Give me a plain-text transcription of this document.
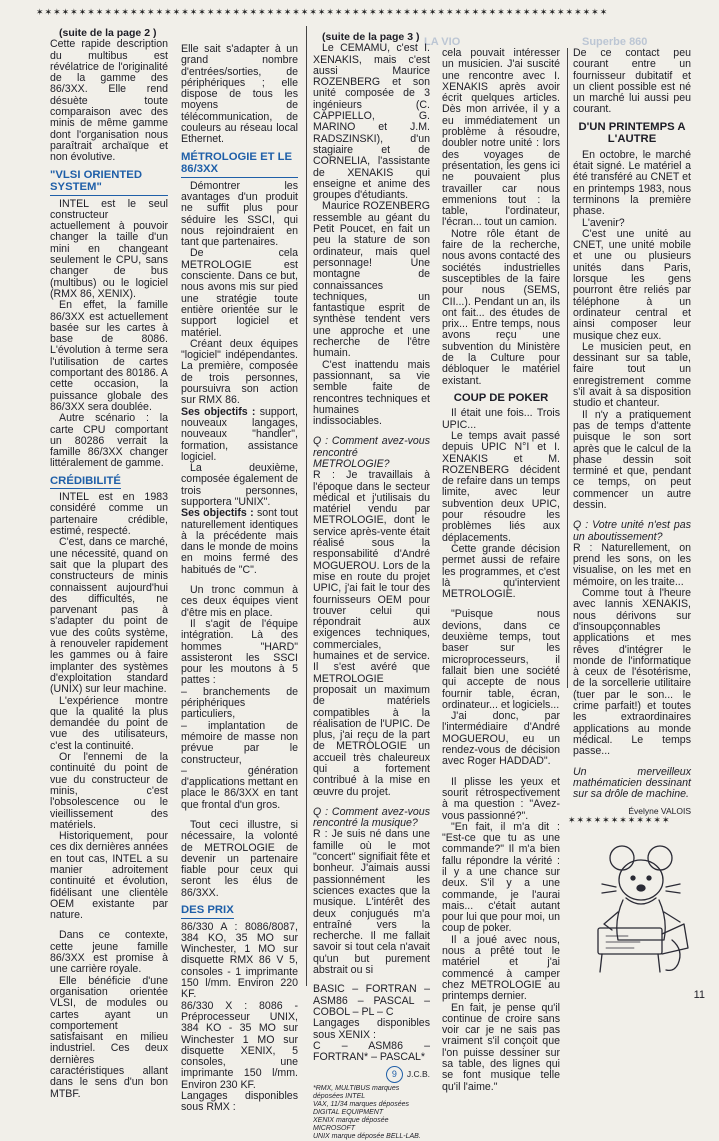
✶✶✶✶✶✶✶✶✶✶✶✶✶✶✶✶✶✶✶✶✶✶✶✶✶✶✶✶✶✶✶✶✶✶✶✶✶✶✶✶✶✶✶✶✶✶✶✶✶✶✶✶✶✶✶✶✶✶✶✶✶✶✶✶✶✶✶
✶✶✶✶✶✶✶✶✶✶✶✶
Superbe 860
LA VIO

(suite de la page 2 )

Cette rapide description du multibus est révélatrice de l'originalité de la gamme des 86/3XX. Elle rend désuète toute comparaison avec des minis de même gamme dont l'organisation nous paraîtrait archaïque et non évolutive.

"VLSI ORIENTED SYSTEM"

INTEL est le seul constructeur actuellement à pouvoir changer la taille d'un mini en changeant seulement le CPU, sans changer de bus (multibus) ou le logiciel (RMX 86, XENIX).

En effet, la famille 86/3XX est actuellement basée sur les cartes à base de 8086. L'évolution à terme sera l'utilisation de cartes comportant des 80186. A cette occasion, la puissance globale des 86/3XX sera doublée.

Autre scénario : la carte CPU comportant un 80286 verrait la famille 86/3XX changer littéralement de gamme.

CRÉDIBILITÉ

INTEL est en 1983 considéré comme un partenaire crédible, estimé, respecté.

C'est, dans ce marché, une nécessité, quand on sait que la plupart des constructeurs de minis connaissent aujourd'hui des difficultés, ne parvenant pas à s'adapter du point de vue des coûts système, à renouveler rapidement les gammes ou à faire implanter des systèmes d'exploitation standard (UNIX) sur leur machine.

L'expérience montre que la qualité la plus demandée du point de vue des utilisateurs, c'est la continuité.

Or l'ennemi de la continuité du point de vue du constructeur de minis, c'est l'obsolescence ou le vieillissement des matériels.

Historiquement, pour ces dix dernières années en tout cas, INTEL a su manier adroitement continuité et évolution, fidélisant une clientèle OEM existante par nature.

Dans ce contexte, cette jeune famille 86/3XX est promise à une carrière royale.

Elle bénéficie d'une organisation orientée VLSI, de modules ou cartes ayant un comportement satisfaisant en milieu industriel. Ces deux dernières caractéristiques allant dans le sens d'un bon MTBF.

Elle sait s'adapter à un grand nombre d'entrées/sorties, de périphériques ; elle dispose de tous les moyens de télécommunication, de couleurs au réseau local Ethernet.

MÉTROLOGIE ET LE 86/3XX

Démontrer les avantages d'un produit ne suffit plus pour séduire les SSCI, qui nous rejoindraient en tant que partenaires.

De cela METROLOGIE est consciente. Dans ce but, nous avons mis sur pied une stratégie toute entière orientée sur le support logiciel et matériel.

Créant deux équipes "logiciel" indépendantes. La première, composée de trois personnes, poursuivra son action sur RMX 86.

Ses objectifs : support, nouveaux langages, nouveaux "handler", formation, assistance logiciel.

La deuxième, composée également de trois personnes, supportera "UNIX".

Ses objectifs : sont tout naturellement identiques à la précédente mais dans le monde de moins en moins fermé des habitués de "C".

Un tronc commun à ces deux équipes vient d'être mis en place.

Il s'agit de l'équipe intégration. Là des hommes "HARD" assisteront les SSCI pour les moutons à 5 pattes :

– branchements de périphériques particuliers,

– implantation de mémoire de masse non prévue par le constructeur,

– génération d'applications mettant en place le 86/3XX en tant que frontal d'un gros.

Tout ceci illustre, si nécessaire, la volonté de METROLOGIE de devenir un partenaire fiable pour ceux qui seront les élus de 86/3XX.

DES PRIX

86/330 A : 8086/8087, 384 KO, 35 MO sur Winchester, 1 MO sur disquette RMX 86 V 5, consoles - 1 imprimante 150 l/mm. Environ 220 KF.

86/330 X : 8086 - Préprocesseur UNIX, 384 KO - 35 MO sur Winchester 1 MO sur disquette XENIX, 5 consoles, une imprimante 150 l/mm. Environ 230 KF.

Langages disponibles sous RMX :

(suite de la page 3 )

Le CEMAMU, c'est I. XENAKIS, mais c'est aussi Maurice ROZENBERG et son unité composée de 3 ingénieurs (C. CAPPIELLO, G. MARINO et J.M. RADSZINSKI), d'un stagiaire et de CORNELIA, l'assistante de XENAKIS qui enseigne et anime des groupes d'étudiants.

Maurice ROZENBERG ressemble au géant du Petit Poucet, en fait un peu la stature de son ordinateur, mais quel personnage! Une montagne de connaissances techniques, un fantastique esprit de synthèse tendent vers une approche et une recherche de l'être humain.

C'est inattendu mais passionnant, sa vie semble faite de rencontres techniques et humaines indissociables.

Q : Comment avez-vous rencontré METROLOGIE?

R : Je travaillais à l'époque dans le secteur médical et j'utilisais du matériel vendu par METROLOGIE, dont le service après-vente était réalisé sous la responsabilité d'André MOGUEROU. Lors de la mise en route du projet UPIC, j'ai fait le tour des fournisseurs OEM pour trouver celui qui répondrait aux exigences techniques, commerciales, humaines et de service. Il s'est avéré que METROLOGIE proposait un maximum de matériels compatibles à la réalisation de l'UPIC. De plus, j'ai reçu de la part de METROLOGIE un accueil très chaleureux qui a fortement contribué à la mise en œuvre du projet.

Q : Comment avez-vous rencontré la musique?

R : Je suis né dans une famille où le mot "concert" signifiait fête et bonheur. J'aimais aussi passionnément les sciences exactes que la musique. L'intérêt des deux conjugués m'a entraîné vers la recherche. Il me fallait savoir si tout cela n'avait qu'un but purement abstrait ou si

BASIC – FORTRAN – ASM86 – PASCAL – COBOL – PL – C

Langages disponibles sous XENIX :

C – ASM86 – FORTRAN* – PASCAL*

9 J.C.B.

*RMX, MULTIBUS marques déposées INTEL

VAX, 11/34 marques déposées DIGITAL EQUIPMENT

XENIX marque déposée MICROSOFT

UNIX marque déposée BELL-LAB.

cela pouvait intéresser un musicien. J'ai suscité une rencontre avec I. XENAKIS après avoir écrit quelques articles. Dès mon arrivée, il y a eu immédiatement un problème à résoudre, doubler notre unité : lors des voyages de présentation, les gens ici ne pouvaient plus travailler car nous emmenions tout : la table, l'ordinateur, l'écran... tout un camion.

Notre rôle étant de faire de la recherche, nous avons contacté des sociétés industrielles susceptibles de la faire pour nous (SEMS, CII...). Pendant un an, ils ont fait... des études de prix... Entre temps, nous avons reçu une subvention du Ministère de la Culture pour débloquer le matériel existant.

COUP DE POKER

Il était une fois... Trois UPIC...

Le temps avait passé depuis UPIC N°I et I. XENAKIS et M. ROZENBERG décident de refaire dans un temps limite, avec leur subvention deux UPIC, pour résoudre les problèmes liés aux déplacements.

Cette grande décision permet aussi de refaire les programmes, et c'est là qu'intervient METROLOGIE.

"Puisque nous devions, dans ce deuxième temps, tout baser sur les microprocesseurs, il fallait bien une société qui accepte de nous fournir table, écran, ordinateur... et logiciels...

J'ai donc, par l'intermédiaire d'André MOGUEROU, eu un rendez-vous de décision avec Roger HADDAD".

Il plisse les yeux et sourit rétrospectivement à ma question : "Avez-vous passionné?".

"En fait, il m'a dit : "Est-ce que tu as une commande?" Il m'a bien fallu répondre la vérité : il y a une chance sur deux. S'il y a une commande, je l'aurai mais... c'était autant pour lui que pour moi, un coup de poker.

Il a joué avec nous, nous a prêté tout le matériel et j'ai commencé à camper chez METROLOGIE au printemps dernier.

En fait, je pense qu'il continue de croire sans voir car je ne sais pas vraiment s'il conçoit que l'on puisse dessiner sur sa table, des lignes qui se font musique telle qu'il l'aime."

De ce contact peu courant entre un fournisseur dubitatif et un client possible est né un marché lui aussi peu courant.

D'UN PRINTEMPS A L'AUTRE

En octobre, le marché était signé. Le matériel a été transféré au CNET et en printemps 1983, nous terminons la première phase.

L'avenir?

C'est une unité au CNET, une unité mobile et une ou plusieurs unités dans Paris, lorsque les gens pourront être reliés par téléphone à un ordinateur central et ainsi composer leur musique chez eux.

Le musicien peut, en dessinant sur sa table, faire tout un enregistrement comme s'il avait à sa disposition studio et chanteur.

Il n'y a pratiquement pas de temps d'attente puisque le son sort après que le calcul de la phase dessin soit terminé et que, pendant ce temps, on peut commencer un autre dessin.

Q : Votre unité n'est pas un aboutissement?

R : Naturellement, on prend les sons, on les visualise, on les met en mémoire, on les traite...

Comme tout à l'heure avec Iannis XENAKIS, nous dérivons sur d'insoupçonnables applications et mes rêves d'intégrer le monde de l'informatique à ceux de l'ésotérisme, de la sorcellerie utilitaire (tuer par le son... le crime parfait!) et toutes les extraordinaires applications au monde médical. Le temps passe...

Un merveilleux mathématicien dessinant sur sa drôle de machine.

Évelyne VALOIS
11
